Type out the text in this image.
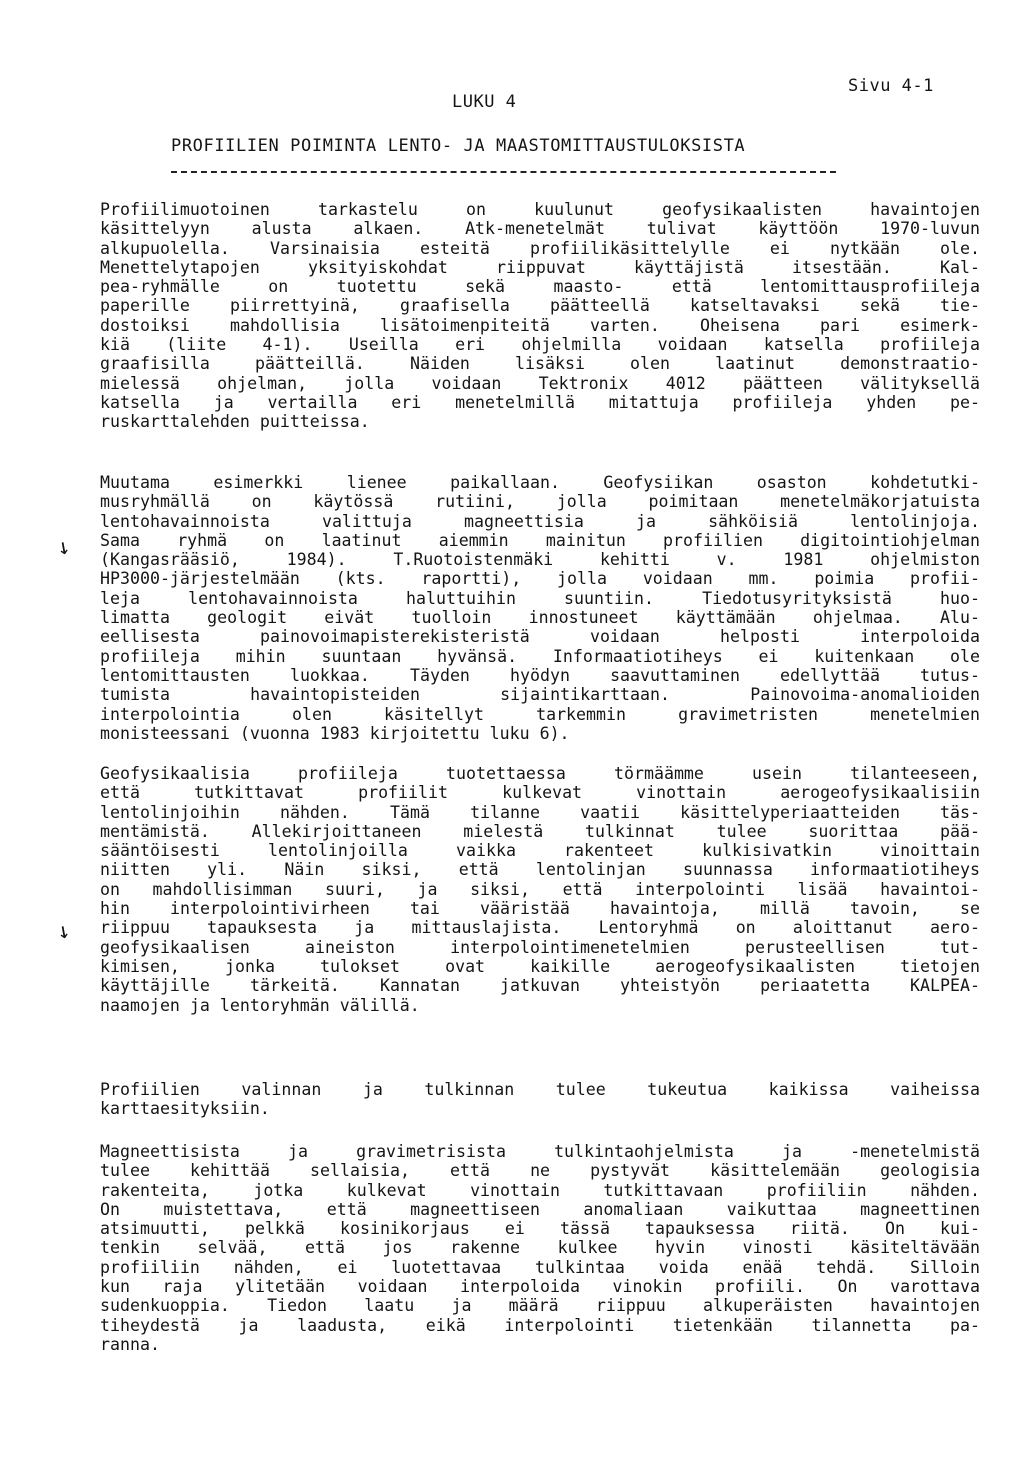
Sivu 4-1
LUKU 4
PROFIILIEN POIMINTA LENTO- JA MAASTOMITTAUSTULOKSISTA
↘
↘
Profiilimuotoinen tarkastelu on kuulunut geofysikaalisten havaintojen
käsittelyyn alusta alkaen. Atk-menetelmät tulivat käyttöön 1970-luvun
alkupuolella. Varsinaisia esteitä profiilikäsittelylle ei nytkään ole.
Menettelytapojen yksityiskohdat riippuvat käyttäjistä itsestään. Kal-
pea-ryhmälle on tuotettu sekä maasto- että lentomittausprofiileja
paperille piirrettyinä, graafisella päätteellä katseltavaksi sekä tie-
dostoiksi mahdollisia lisätoimenpiteitä varten. Oheisena pari esimerk-
kiä (liite 4-1). Useilla eri ohjelmilla voidaan katsella profiileja
graafisilla päätteillä. Näiden lisäksi olen laatinut demonstraatio-
mielessä ohjelman, jolla voidaan Tektronix 4012 päätteen välityksellä
katsella ja vertailla eri menetelmillä mitattuja profiileja yhden pe-
ruskarttalehden puitteissa.
Muutama esimerkki lienee paikallaan. Geofysiikan osaston kohdetutki-
musryhmällä on käytössä rutiini, jolla poimitaan menetelmäkorjatuista
lentohavainnoista valittuja magneettisia ja sähköisiä lentolinjoja.
Sama ryhmä on laatinut aiemmin mainitun profiilien digitointiohjelman
(Kangasrääsiö, 1984). T.Ruotoistenmäki kehitti v. 1981 ohjelmiston
HP3000-järjestelmään (kts. raportti), jolla voidaan mm. poimia profii-
leja lentohavainnoista haluttuihin suuntiin. Tiedotusyrityksistä huo-
limatta geologit eivät tuolloin innostuneet käyttämään ohjelmaa. Alu-
eellisesta painovoimapisterekisteristä voidaan helposti interpoloida
profiileja mihin suuntaan hyvänsä. Informaatiotiheys ei kuitenkaan ole
lentomittausten luokkaa. Täyden hyödyn saavuttaminen edellyttää tutus-
tumista havaintopisteiden sijaintikarttaan. Painovoima-anomalioiden
interpolointia olen käsitellyt tarkemmin gravimetristen menetelmien
monisteessani (vuonna 1983 kirjoitettu luku 6).
Geofysikaalisia profiileja tuotettaessa törmäämme usein tilanteeseen,
että tutkittavat profiilit kulkevat vinottain aerogeofysikaalisiin
lentolinjoihin nähden. Tämä tilanne vaatii käsittelyperiaatteiden täs-
mentämistä. Allekirjoittaneen mielestä tulkinnat tulee suorittaa pää-
sääntöisesti lentolinjoilla vaikka rakenteet kulkisivatkin vinoittain
niitten yli. Näin siksi, että lentolinjan suunnassa informaatiotiheys
on mahdollisimman suuri, ja siksi, että interpolointi lisää havaintoi-
hin interpolointivirheen tai vääristää havaintoja, millä tavoin, se
riippuu tapauksesta ja mittauslajista. Lentoryhmä on aloittanut aero-
geofysikaalisen aineiston interpolointimenetelmien perusteellisen tut-
kimisen, jonka tulokset ovat kaikille aerogeofysikaalisten tietojen
käyttäjille tärkeitä. Kannatan jatkuvan yhteistyön periaatetta KALPEA-
naamojen ja lentoryhmän välillä.
Profiilien valinnan ja tulkinnan tulee tukeutua kaikissa vaiheissa
karttaesityksiin.
Magneettisista ja gravimetrisista tulkintaohjelmista ja -menetelmistä
tulee kehittää sellaisia, että ne pystyvät käsittelemään geologisia
rakenteita, jotka kulkevat vinottain tutkittavaan profiiliin nähden.
On muistettava, että magneettiseen anomaliaan vaikuttaa magneettinen
atsimuutti, pelkkä kosinikorjaus ei tässä tapauksessa riitä. On kui-
tenkin selvää, että jos rakenne kulkee hyvin vinosti käsiteltävään
profiiliin nähden, ei luotettavaa tulkintaa voida enää tehdä. Silloin
kun raja ylitetään voidaan interpoloida vinokin profiili. On varottava
sudenkuoppia. Tiedon laatu ja määrä riippuu alkuperäisten havaintojen
tiheydestä ja laadusta, eikä interpolointi tietenkään tilannetta pa-
ranna.
